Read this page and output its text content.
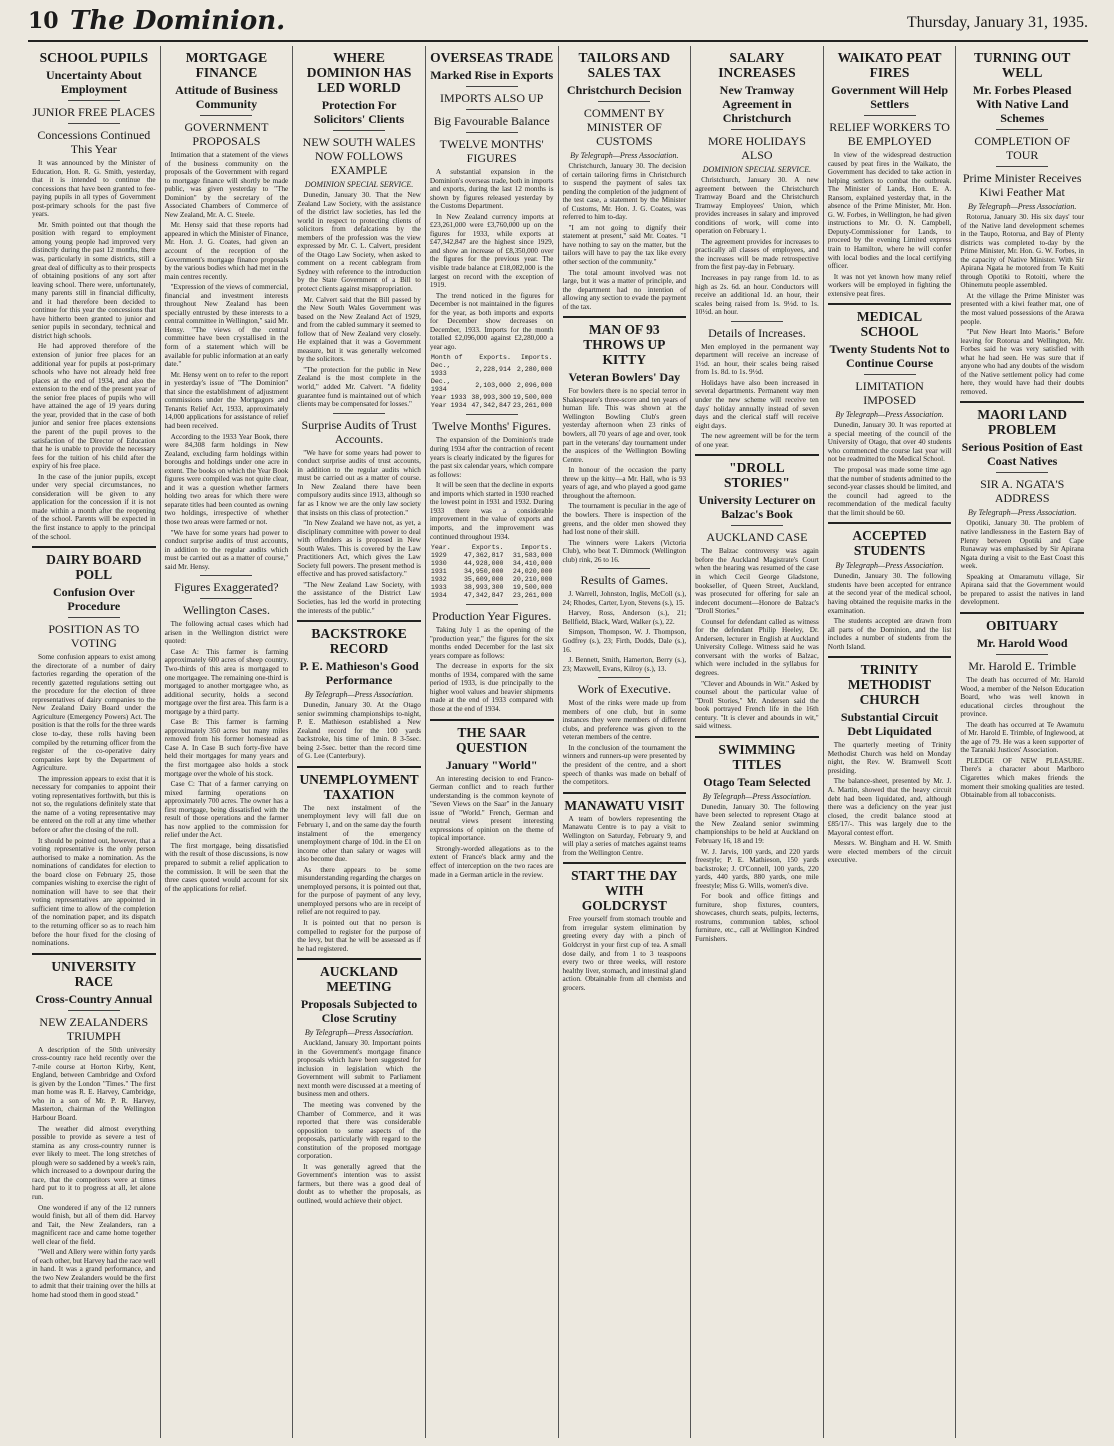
10 The Dominion.	Thursday, January 31, 1935.
SCHOOL PUPILS
Uncertainty About Employment
JUNIOR FREE PLACES
Concessions Continued This Year

It was announced by the Minister of Education, Hon. R. G. Smith, yesterday, that it is intended to continue the concessions that have been granted to fee-paying pupils in all types of Government post-primary schools for the past five years.

Mr. Smith pointed out that though the position with regard to employment among young people had improved very distinctly during the past 12 months, there was, particularly in some districts, still a great deal of difficulty as to their prospects of obtaining positions of any sort after leaving school. There were, unfortunately, many parents still in financial difficulty, and it had therefore been decided to continue for this year the concessions that have hitherto been granted to junior and senior pupils in secondary, technical and district high schools.

He had approved therefore of the extension of junior free places for an additional year for pupils at post-primary schools who have not already held free places at the end of 1934, and also the extension to the end of the present year of the senior free places of pupils who will have attained the age of 19 years during the year, provided that in the case of both junior and senior free places extensions the parent of the pupil proves to the satisfaction of the Director of Education that he is unable to provide the necessary fees for the tuition of his child after the expiry of his free place.

In the case of the junior pupils, except under very special circumstances, no consideration will be given to any application for the concession if it is not made within a month after the reopening of the school. Parents will be expected in the first instance to apply to the principal of the school.

DAIRY BOARD POLL
Confusion Over Procedure
POSITION AS TO VOTING

Some confusion appears to exist among the directorate of a number of dairy factories regarding the operation of the recently gazetted regulations setting out the procedure for the election of three representatives of dairy companies to the New Zealand Dairy Board under the Agriculture (Emergency Powers) Act. The position is that the rolls for the three wards close to-day, these rolls having been compiled by the returning officer from the register of the co-operative dairy companies kept by the Department of Agriculture.

The impression appears to exist that it is necessary for companies to appoint their voting representatives forthwith, but this is not so, the regulations definitely state that the name of a voting representative may be entered on the roll at any time whether before or after the closing of the roll.

It should be pointed out, however, that a voting representative is the only person authorised to make a nomination. As the nominations of candidates for election to the board close on February 25, those companies wishing to exercise the right of nomination will have to see that their voting representatives are appointed in sufficient time to allow of the completion of the nomination paper, and its dispatch to the returning officer so as to reach him before the hour fixed for the closing of nominations.

UNIVERSITY RACE
Cross-Country Annual
NEW ZEALANDERS TRIUMPH

A description of the 50th university cross-country race held recently over the 7-mile course at Horton Kirby, Kent, England, between Cambridge and Oxford is given by the London "Times." The first man home was R. E. Harvey, Cambridge, who in a son of Mr. P. R. Harvey, Masterton, chairman of the Wellington Harbour Board.

The weather did almost everything possible to provide as severe a test of stamina as any cross-country runner is ever likely to meet. The long stretches of plough were so saddened by a week's rain, which increased to a downpour during the race, that the competitors were at times hard put to it to progress at all, let alone run.

One wondered if any of the 12 runners would finish, but all of them did. Harvey and Tait, the New Zealanders, ran a magnificent race and came home together well clear of the field.

"Well and Allery were within forty yards of each other, but Harvey had the race well in hand. It was a grand performance, and the two New Zealanders would be the first to admit that their training over the hills at home had stood them in good stead."

MORTGAGE FINANCE
Attitude of Business Community
GOVERNMENT PROPOSALS

Intimation that a statement of the views of the business community on the proposals of the Government with regard to mortgage finance will shortly be made public, was given yesterday to "The Dominion" by the secretary of the Associated Chambers of Commerce of New Zealand, Mr. A. C. Steele.

Mr. Hensy said that these reports had appeared in which the Minister of Finance, Mr. Hon. J. G. Coates, had given an account of the reception of the Government's mortgage finance proposals by the various bodies which had met in the main centres recently.

"Expression of the views of commercial, financial and investment interests throughout New Zealand has been specially entrusted by these interests to a central committee in Wellington," said Mr. Hensy. "The views of the central committee have been crystallised in the form of a statement which will be available for public information at an early date."

Mr. Hensy went on to refer to the report in yesterday's issue of "The Dominion" that since the establishment of adjustment commissions under the Mortgagors and Tenants Relief Act, 1933, approximately 14,000 applications for assistance of relief had been received.

According to the 1933 Year Book, there were 84,308 farm holdings in New Zealand, excluding farm holdings within boroughs and holdings under one acre in extent. The books on which the Year Book figures were compiled was not quite clear, and it was a question whether farmers holding two areas for which there were separate titles had been counted as owning two holdings, irrespective of whether those two areas were farmed or not.

"We have for some years had power to conduct surprise audits of trust accounts, in addition to the regular audits which must be carried out as a matter of course," said Mr. Hensy.

Figures Exaggerated?
Wellington Cases.

The following actual cases which had arisen in the Wellington district were quoted:

Case A: This farmer is farming approximately 600 acres of sheep country. Two-thirds of this area is mortgaged to one mortgagee. The remaining one-third is mortgaged to another mortgagee who, as additional security, holds a second mortgage over the first area. This farm is a mortgage by a third party.

Case B: This farmer is farming approximately 350 acres but many miles removed from his former homestead as Case A. In Case B such forty-five have held their mortgages for many years and the first mortgagee also holds a stock mortgage over the whole of his stock.

Case C: That of a farmer carrying on mixed farming operations on approximately 700 acres. The owner has a first mortgage, being dissatisfied with the result of those operations and the farmer has now applied to the commission for relief under the Act.

The first mortgage, being dissatisfied with the result of those discussions, is now prepared to submit a relief application to the commission. It will be seen that the three cases quoted would account for six of the applications for relief.

WHERE DOMINION HAS LED WORLD
Protection For Solicitors' Clients
NEW SOUTH WALES NOW FOLLOWS EXAMPLE
DOMINION SPECIAL SERVICE.

Dunedin, January 30. That the New Zealand Law Society, with the assistance of the district law societies, has led the world in respect to protecting clients of solicitors from defalcations by the members of the profession was the view expressed by Mr. C. L. Calvert, president of the Otago Law Society, when asked to comment on a recent cablegram from Sydney with reference to the introduction by the State Government of a Bill to protect clients against misappropriation.

Mr. Calvert said that the Bill passed by the New South Wales Government was based on the New Zealand Act of 1929, and from the cabled summary it seemed to follow that of New Zealand very closely. He explained that it was a Government measure, but it was generally welcomed by the solicitors.

"The protection for the public in New Zealand is the most complete in the world," added Mr. Calvert. "A fidelity guarantee fund is maintained out of which clients may be compensated for losses."

Surprise Audits of Trust Accounts.

"We have for some years had power to conduct surprise audits of trust accounts, in addition to the regular audits which must be carried out as a matter of course. In New Zealand there have been compulsory audits since 1913, although so far as I know we are the only law society that insists on this class of protection."

"In New Zealand we have not, as yet, a disciplinary committee with power to deal with offenders as is proposed in New South Wales. This is covered by the Law Practitioners Act, which gives the Law Society full powers. The present method is effective and has proved satisfactory."

"The New Zealand Law Society, with the assistance of the District Law Societies, has led the world in protecting the interests of the public."

BACKSTROKE RECORD
P. E. Mathieson's Good Performance
By Telegraph—Press Association.

Dunedin, January 30. At the Otago senior swimming championships to-night, P. E. Mathieson established a New Zealand record for the 100 yards backstroke, his time of 1min. 8 3-5sec. being 2-5sec. better than the record time of G. Lee (Canterbury).

UNEMPLOYMENT TAXATION

The next instalment of the unemployment levy will fall due on February 1, and on the same day the fourth instalment of the emergency unemployment charge of 10d. in the £1 on income other than salary or wages will also become due.

As there appears to be some misunderstanding regarding the charges on unemployed persons, it is pointed out that, for the purpose of payment of any levy, unemployed persons who are in receipt of relief are not required to pay.

It is pointed out that no person is compelled to register for the purpose of the levy, but that he will be assessed as if he had registered.

AUCKLAND MEETING
Proposals Subjected to Close Scrutiny
By Telegraph—Press Association.

Auckland, January 30. Important points in the Government's mortgage finance proposals which have been suggested for inclusion in legislation which the Government will submit to Parliament next month were discussed at a meeting of business men and others.

The meeting was convened by the Chamber of Commerce, and it was reported that there was considerable opposition to some aspects of the proposals, particularly with regard to the constitution of the proposed mortgage corporation.

It was generally agreed that the Government's intention was to assist farmers, but there was a good deal of doubt as to whether the proposals, as outlined, would achieve their object.

OVERSEAS TRADE
Marked Rise in Exports
IMPORTS ALSO UP
Big Favourable Balance
TWELVE MONTHS' FIGURES

A substantial expansion in the Dominion's overseas trade, both in imports and exports, during the last 12 months is shown by figures released yesterday by the Customs Department.

In New Zealand currency imports at £23,261,000 were £3,760,000 up on the figures for 1933, while exports at £47,342,847 are the highest since 1929, and show an increase of £8,350,000 over the figures for the previous year. The visible trade balance at £18,082,000 is the largest on record with the exception of 1919.

The trend noticed in the figures for December is not maintained in the figures for the year, as both imports and exports for December show decreases on December, 1933. Imports for the month totalled £2,096,000 against £2,280,000 a year ago.

Month of	Exports.	Imports.
Dec., 1933	2,228,914	2,280,000
Dec., 1934	2,103,000	2,096,000
Year 1933	38,993,300	19,500,000
Year 1934	47,342,847	23,261,000
Twelve Months' Figures.

The expansion of the Dominion's trade during 1934 after the contraction of recent years is clearly indicated by the figures for the past six calendar years, which compare as follows:

It will be seen that the decline in exports and imports which started in 1930 reached the lowest point in 1931 and 1932. During 1933 there was a considerable improvement in the value of exports and imports, and the improvement was continued throughout 1934.

Year.	Exports.	Imports.
1929	47,362,817	31,583,000
1930	44,928,000	34,410,000
1931	34,950,000	24,020,000
1932	35,609,000	20,210,000
1933	38,993,300	19,500,000
1934	47,342,847	23,261,000
Production Year Figures.

Taking July 1 as the opening of the "production year," the figures for the six months ended December for the last six years compare as follows:

The decrease in exports for the six months of 1934, compared with the same period of 1933, is due principally to the higher wool values and heavier shipments made at the end of 1933 compared with those at the end of 1934.

THE SAAR QUESTION
January "World"

An interesting decision to end Franco-German conflict and to reach further understanding is the common keynote of "Seven Views on the Saar" in the January issue of "World." French, German and neutral views present interesting expressions of opinion on the theme of topical importance.

Strongly-worded allegations as to the extent of France's black army and the effect of interception on the two races are made in a German article in the review.

TAILORS AND SALES TAX
Christchurch Decision
COMMENT BY MINISTER OF CUSTOMS
By Telegraph—Press Association.

Christchurch, January 30. The decision of certain tailoring firms in Christchurch to suspend the payment of sales tax pending the completion of the judgment of the test case, a statement by the Minister of Customs, Mr. Hon. J. G. Coates, was referred to him to-day.

"I am not going to dignify their statement at present," said Mr. Coates. "I have nothing to say on the matter, but the tailors will have to pay the tax like every other section of the community."

The total amount involved was not large, but it was a matter of principle, and the department had no intention of allowing any section to evade the payment of the tax.

MAN OF 93 THROWS UP KITTY
Veteran Bowlers' Day

For bowlers there is no special terror in Shakespeare's three-score and ten years of human life. This was shown at the Wellington Bowling Club's green yesterday afternoon when 23 rinks of bowlers, all 70 years of age and over, took part in the veterans' day tournament under the auspices of the Wellington Bowling Centre.

In honour of the occasion the party threw up the kitty—a Mr. Hall, who is 93 years of age, and who played a good game throughout the afternoon.

The tournament is peculiar in the age of the bowlers. There is inspection of the greens, and the older men showed they had lost none of their skill.

The winners were Lakers (Victoria Club), who beat T. Dimmock (Wellington club) rink, 26 to 16.

Results of Games.

J. Warrell, Johnston, Inglis, McColl (s.), 24; Rhodes, Carter, Lyon, Stevens (s.), 15.

Harvey, Ross, Anderson (s.), 21; Bellfield, Black, Ward, Walker (s.), 22.

Simpson, Thompson, W. J. Thompson, Godfrey (s.), 23; Firth, Dodds, Dale (s.), 16.

J. Bennett, Smith, Hamerton, Berry (s.), 23; Maxwell, Evans, Kilroy (s.), 13.

Work of Executive.

Most of the rinks were made up from members of one club, but in some instances they were members of different clubs, and preference was given to the veteran members of the centre.

In the conclusion of the tournament the winners and runners-up were presented by the president of the centre, and a short speech of thanks was made on behalf of the competitors.

MANAWATU VISIT

A team of bowlers representing the Manawatu Centre is to pay a visit to Wellington on Saturday, February 9, and will play a series of matches against teams from the Wellington Centre.

START THE DAY WITH GOLDCRYST

Free yourself from stomach trouble and from irregular system elimination by greeting every day with a pinch of Goldcryst in your first cup of tea. A small dose daily, and from 1 to 3 teaspoons every two or three weeks, will restore healthy liver, stomach, and intestinal gland action. Obtainable from all chemists and grocers.

SALARY INCREASES
New Tramway Agreement in Christchurch
MORE HOLIDAYS ALSO
DOMINION SPECIAL SERVICE.

Christchurch, January 30. A new agreement between the Christchurch Tramway Board and the Christchurch Tramway Employees' Union, which provides increases in salary and improved conditions of work, will come into operation on February 1.

The agreement provides for increases to practically all classes of employees, and the increases will be made retrospective from the first pay-day in February.

Increases in pay range from 1d. to as high as 2s. 6d. an hour. Conductors will receive an additional 1d. an hour, their scales being raised from 1s. 9½d. to 1s. 10½d. an hour.

Details of Increases.

Men employed in the permanent way department will receive an increase of 1½d. an hour, their scales being raised from 1s. 8d. to 1s. 9½d.

Holidays have also been increased in several departments. Permanent way men under the new scheme will receive ten days' holiday annually instead of seven days and the clerical staff will receive eight days.

The new agreement will be for the term of one year.

"DROLL STORIES"
University Lecturer on Balzac's Book
AUCKLAND CASE

The Balzac controversy was again before the Auckland Magistrate's Court when the hearing was resumed of the case in which Cecil George Gladstone, bookseller, of Queen Street, Auckland, was prosecuted for offering for sale an indecent document—Honore de Balzac's "Droll Stories."

Counsel for defendant called as witness for the defendant Philip Heeley, Dr. Andersen, lecturer in English at Auckland University College. Witness said he was conversant with the works of Balzac, which were included in the syllabus for degrees.

"Clever and Abounds in Wit." Asked by counsel about the particular value of "Droll Stories," Mr. Andersen said the book portrayed French life in the 16th century. "It is clever and abounds in wit," said witness.

SWIMMING TITLES
Otago Team Selected
By Telegraph—Press Association.

Dunedin, January 30. The following have been selected to represent Otago at the New Zealand senior swimming championships to be held at Auckland on February 16, 18 and 19:

W. J. Jarvis, 100 yards, and 220 yards freestyle; P. E. Mathieson, 150 yards backstroke; J. O'Connell, 100 yards, 220 yards, 440 yards, 880 yards, one mile freestyle; Miss G. Wills, women's dive.

For book and office fittings and furniture, shop fixtures, counters, showcases, church seats, pulpits, lecterns, rostrums, communion tables, school furniture, etc., call at Wellington Kindred Furnishers.

WAIKATO PEAT FIRES
Government Will Help Settlers
RELIEF WORKERS TO BE EMPLOYED

In view of the widespread destruction caused by peat fires in the Waikato, the Government has decided to take action in helping settlers to combat the outbreak. The Minister of Lands, Hon. E. A. Ransom, explained yesterday that, in the absence of the Prime Minister, Mr. Hon. G. W. Forbes, in Wellington, he had given instructions to Mr. O. N. Campbell, Deputy-Commissioner for Lands, to proceed by the evening Limited express train to Hamilton, where he will confer with local bodies and the local certifying officer.

It was not yet known how many relief workers will be employed in fighting the extensive peat fires.

MEDICAL SCHOOL
Twenty Students Not to Continue Course
LIMITATION IMPOSED
By Telegraph—Press Association.

Dunedin, January 30. It was reported at a special meeting of the council of the University of Otago, that over 40 students who commenced the course last year will not be readmitted to the Medical School.

The proposal was made some time ago that the number of students admitted to the second-year classes should be limited, and the council had agreed to the recommendation of the medical faculty that the limit should be 60.

ACCEPTED STUDENTS
By Telegraph—Press Association.

Dunedin, January 30. The following students have been accepted for entrance at the second year of the medical school, having obtained the requisite marks in the examination.

The students accepted are drawn from all parts of the Dominion, and the list includes a number of students from the North Island.

TRINITY METHODIST CHURCH
Substantial Circuit Debt Liquidated

The quarterly meeting of Trinity Methodist Church was held on Monday night, the Rev. W. Bramwell Scott presiding.

The balance-sheet, presented by Mr. J. A. Martin, showed that the heavy circuit debt had been liquidated, and, although there was a deficiency on the year just closed, the credit balance stood at £85/17/-. This was largely due to the Mayoral contest effort.

Messrs. W. Bingham and H. W. Smith were elected members of the circuit executive.

TURNING OUT WELL
Mr. Forbes Pleased With Native Land Schemes
COMPLETION OF TOUR
Prime Minister Receives Kiwi Feather Mat
By Telegraph—Press Association.

Rotorua, January 30. His six days' tour of the Native land development schemes in the Taupo, Rotorua, and Bay of Plenty districts was completed to-day by the Prime Minister, Mr. Hon. G. W. Forbes, in the capacity of Native Minister. With Sir Apirana Ngata he motored from Te Kuiti through Opotiki to Rotoiti, where the Ohinemutu people assembled.

At the village the Prime Minister was presented with a kiwi feather mat, one of the most valued possessions of the Arawa people.

"Put New Heart Into Maoris." Before leaving for Rotorua and Wellington, Mr. Forbes said he was very satisfied with what he had seen. He was sure that if anyone who had any doubts of the wisdom of the Native settlement policy had come here, they would have had their doubts removed.

MAORI LAND PROBLEM
Serious Position of East Coast Natives
SIR A. NGATA'S ADDRESS
By Telegraph—Press Association.

Opotiki, January 30. The problem of native landlessness in the Eastern Bay of Plenty between Opotiki and Cape Runaway was emphasised by Sir Apirana Ngata during a visit to the East Coast this week.

Speaking at Omaramutu village, Sir Apirana said that the Government would be prepared to assist the natives in land development.

OBITUARY
Mr. Harold Wood
Mr. Harold E. Trimble

The death has occurred of Mr. Harold Wood, a member of the Nelson Education Board, who was well known in educational circles throughout the province.

The death has occurred at Te Awamutu of Mr. Harold E. Trimble, of Inglewood, at the age of 79. He was a keen supporter of the Taranaki Justices' Association.

PLEDGE OF NEW PLEASURE. There's a character about Marlboro Cigarettes which makes friends the moment their smoking qualities are tested. Obtainable from all tobacconists.
